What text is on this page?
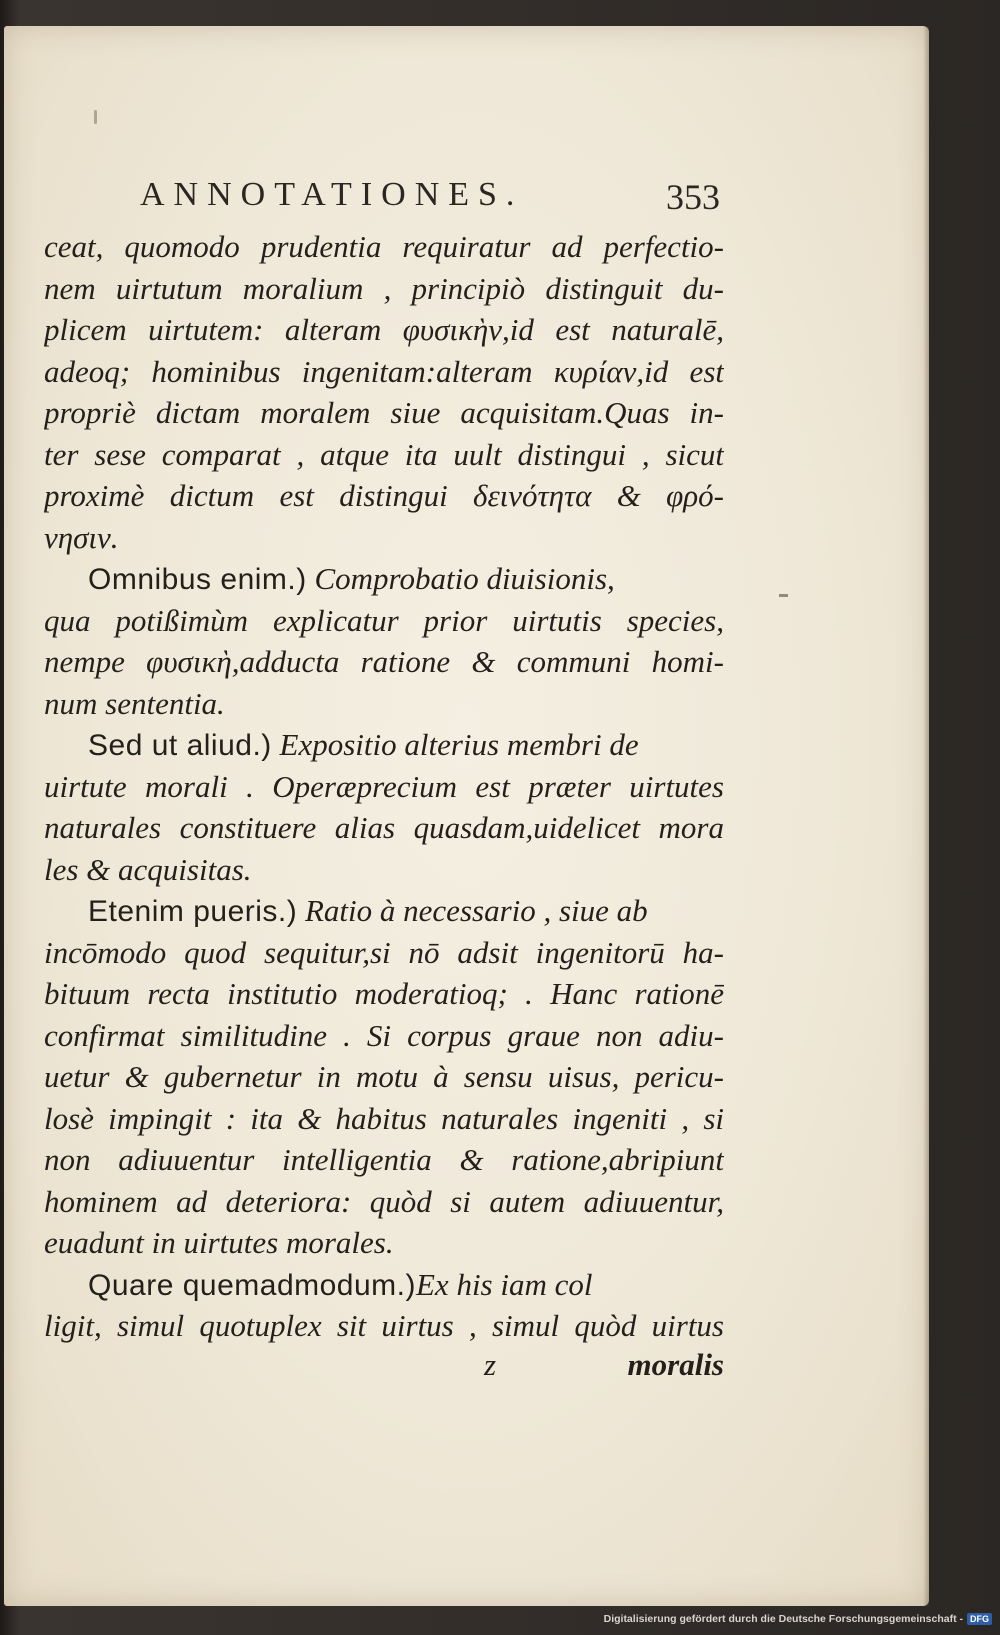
ANNOTATIONES.	353
ceat, quomodo prudentia requiratur ad perfectio-
nem uirtutum moralium , principiò distinguit du-
plicem uirtutem: alteram φυσικὴν,id est naturalē,
adeoq; hominibus ingenitam:alteram κυρίαν,id est
propriè dictam moralem siue acquisitam.Quas in-
ter sese comparat , atque ita uult distingui , sicut
proximè dictum est distingui δεινότητα & φρό-
νησιν.
Omnibus enim.) Comprobatio diuisionis,
qua potißimùm explicatur prior uirtutis species,
nempe φυσικὴ,adducta ratione & communi homi-
num sententia.
Sed ut aliud.) Expositio alterius membri de
uirtute morali . Operæprecium est præter uirtutes
naturales constituere alias quasdam,uidelicet mora
les & acquisitas.
Etenim pueris.) Ratio à necessario , siue ab
incōmodo quod sequitur,si nō adsit ingenitorū ha-
bituum recta institutio moderatioq; . Hanc rationē
confirmat similitudine . Si corpus graue non adiu-
uetur & gubernetur in motu à sensu uisus, pericu-
losè impingit : ita & habitus naturales ingeniti , si
non adiuuentur intelligentia & ratione,abripiunt
hominem ad deteriora: quòd si autem adiuuentur,
euadunt in uirtutes morales.
Quare quemadmodum.)Ex his iam col
ligit, simul quotuplex sit uirtus , simul quòd uirtus
z	moralis
Digitalisierung gefördert durch die Deutsche Forschungsgemeinschaft - DFG
